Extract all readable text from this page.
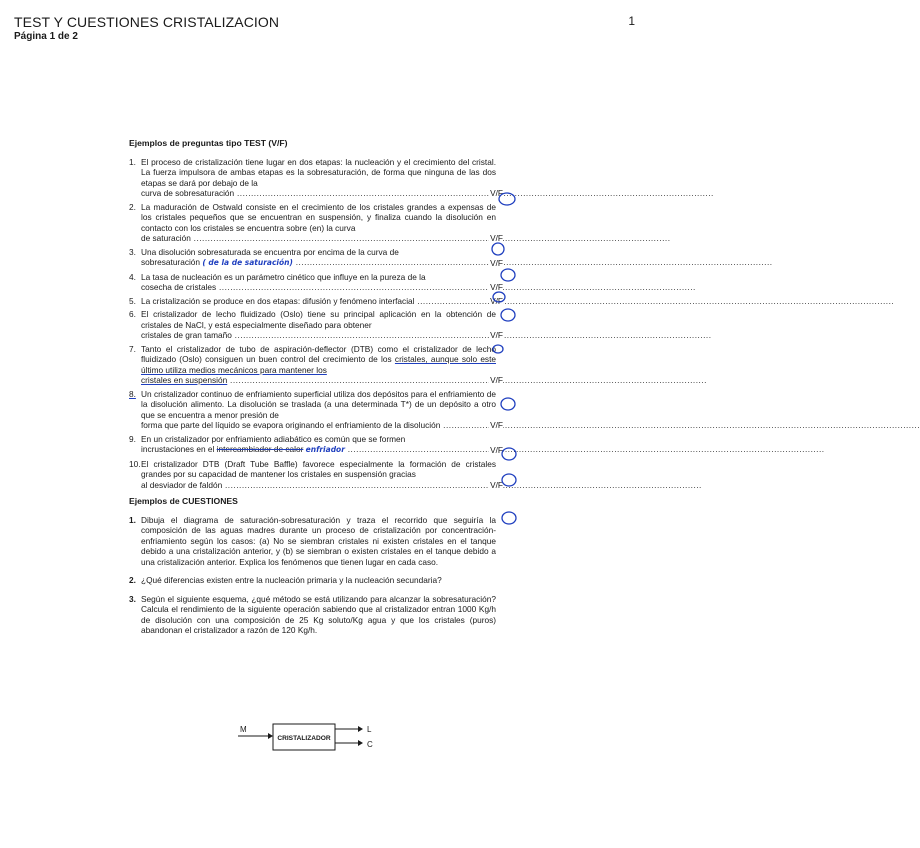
TEST Y CUESTIONES CRISTALIZACION
Página 1 de 2
1
Ejemplos de preguntas tipo TEST (V/F)
1. El proceso de cristalización tiene lugar en dos etapas: la nucleación y el crecimiento del cristal. La fuerza impulsora de ambas etapas es la sobresaturación, de forma que ninguna de las dos etapas se dará por debajo de la
curva de sobresaturación	V/F
.....
2. La maduración de Ostwald consiste en el crecimiento de los cristales grandes a expensas de los cristales pequeños que se encuentran en suspensión, y finaliza cuando la disolución en contacto con los cristales se encuentra sobre (en) la curva
de saturación	V/F
.....
3. Una disolución sobresaturada se encuentra por encima de la curva de
sobresaturación ( de la de saturación)	V/F
.....
4. La tasa de nucleación es un parámetro cinético que influye en la pureza de la
cosecha de cristales	V/F
.....
5. La cristalización se produce en dos etapas: difusión y fenómeno interfacial	V/F
.....
6. El cristalizador de lecho fluidizado (Oslo) tiene su principal aplicación en la obtención de cristales de NaCl, y está especialmente diseñado para obtener
cristales de gran tamaño	V/F
.....
7. Tanto el cristalizador de tubo de aspiración-deflector (DTB) como el cristalizador de lecho fluidizado (Oslo) consiguen un buen control del crecimiento de los cristales, aunque solo este último utiliza medios mecánicos para mantener los
cristales en suspensión	V/F
.....
8. Un cristalizador continuo de enfriamiento superficial utiliza dos depósitos para el enfriamiento de la disolución alimento. La disolución se traslada (a una determinada T*) de un depósito a otro que se encuentra a menor presión de
forma que parte del líquido se evapora originando el enfriamiento de la disolución	V/F
.....
9. En un cristalizador por enfriamiento adiabático es común que se formen
incrustaciones en el intercambiador de calor enfriador	V/F
.....
10. El cristalizador DTB (Draft Tube Baffle) favorece especialmente la formación de cristales grandes por su capacidad de mantener los cristales en suspensión gracias
al desviador de faldón	V/F
.....
Ejemplos de CUESTIONES
1. Dibuja el diagrama de saturación-sobresaturación y traza el recorrido que seguiría la composición de las aguas madres durante un proceso de cristalización por concentración-enfriamiento según los casos: (a) No se siembran cristales ni existen cristales en el tanque debido a una cristalización anterior, y (b) se siembran o existen cristales en el tanque debido a una cristalización anterior. Explica los fenómenos que tienen lugar en cada caso.
2. ¿Qué diferencias existen entre la nucleación primaria y la nucleación secundaria?
3. Según el siguiente esquema, ¿qué método se está utilizando para alcanzar la sobresaturación? Calcula el rendimiento de la siguiente operación sabiendo que al cristalizador entran 1000 Kg/h de disolución con una composición de 25 Kg soluto/Kg agua y que los cristales (puros) abandonan el cristalizador a razón de 120 Kg/h.
M
CRISTALIZADOR
L
C
